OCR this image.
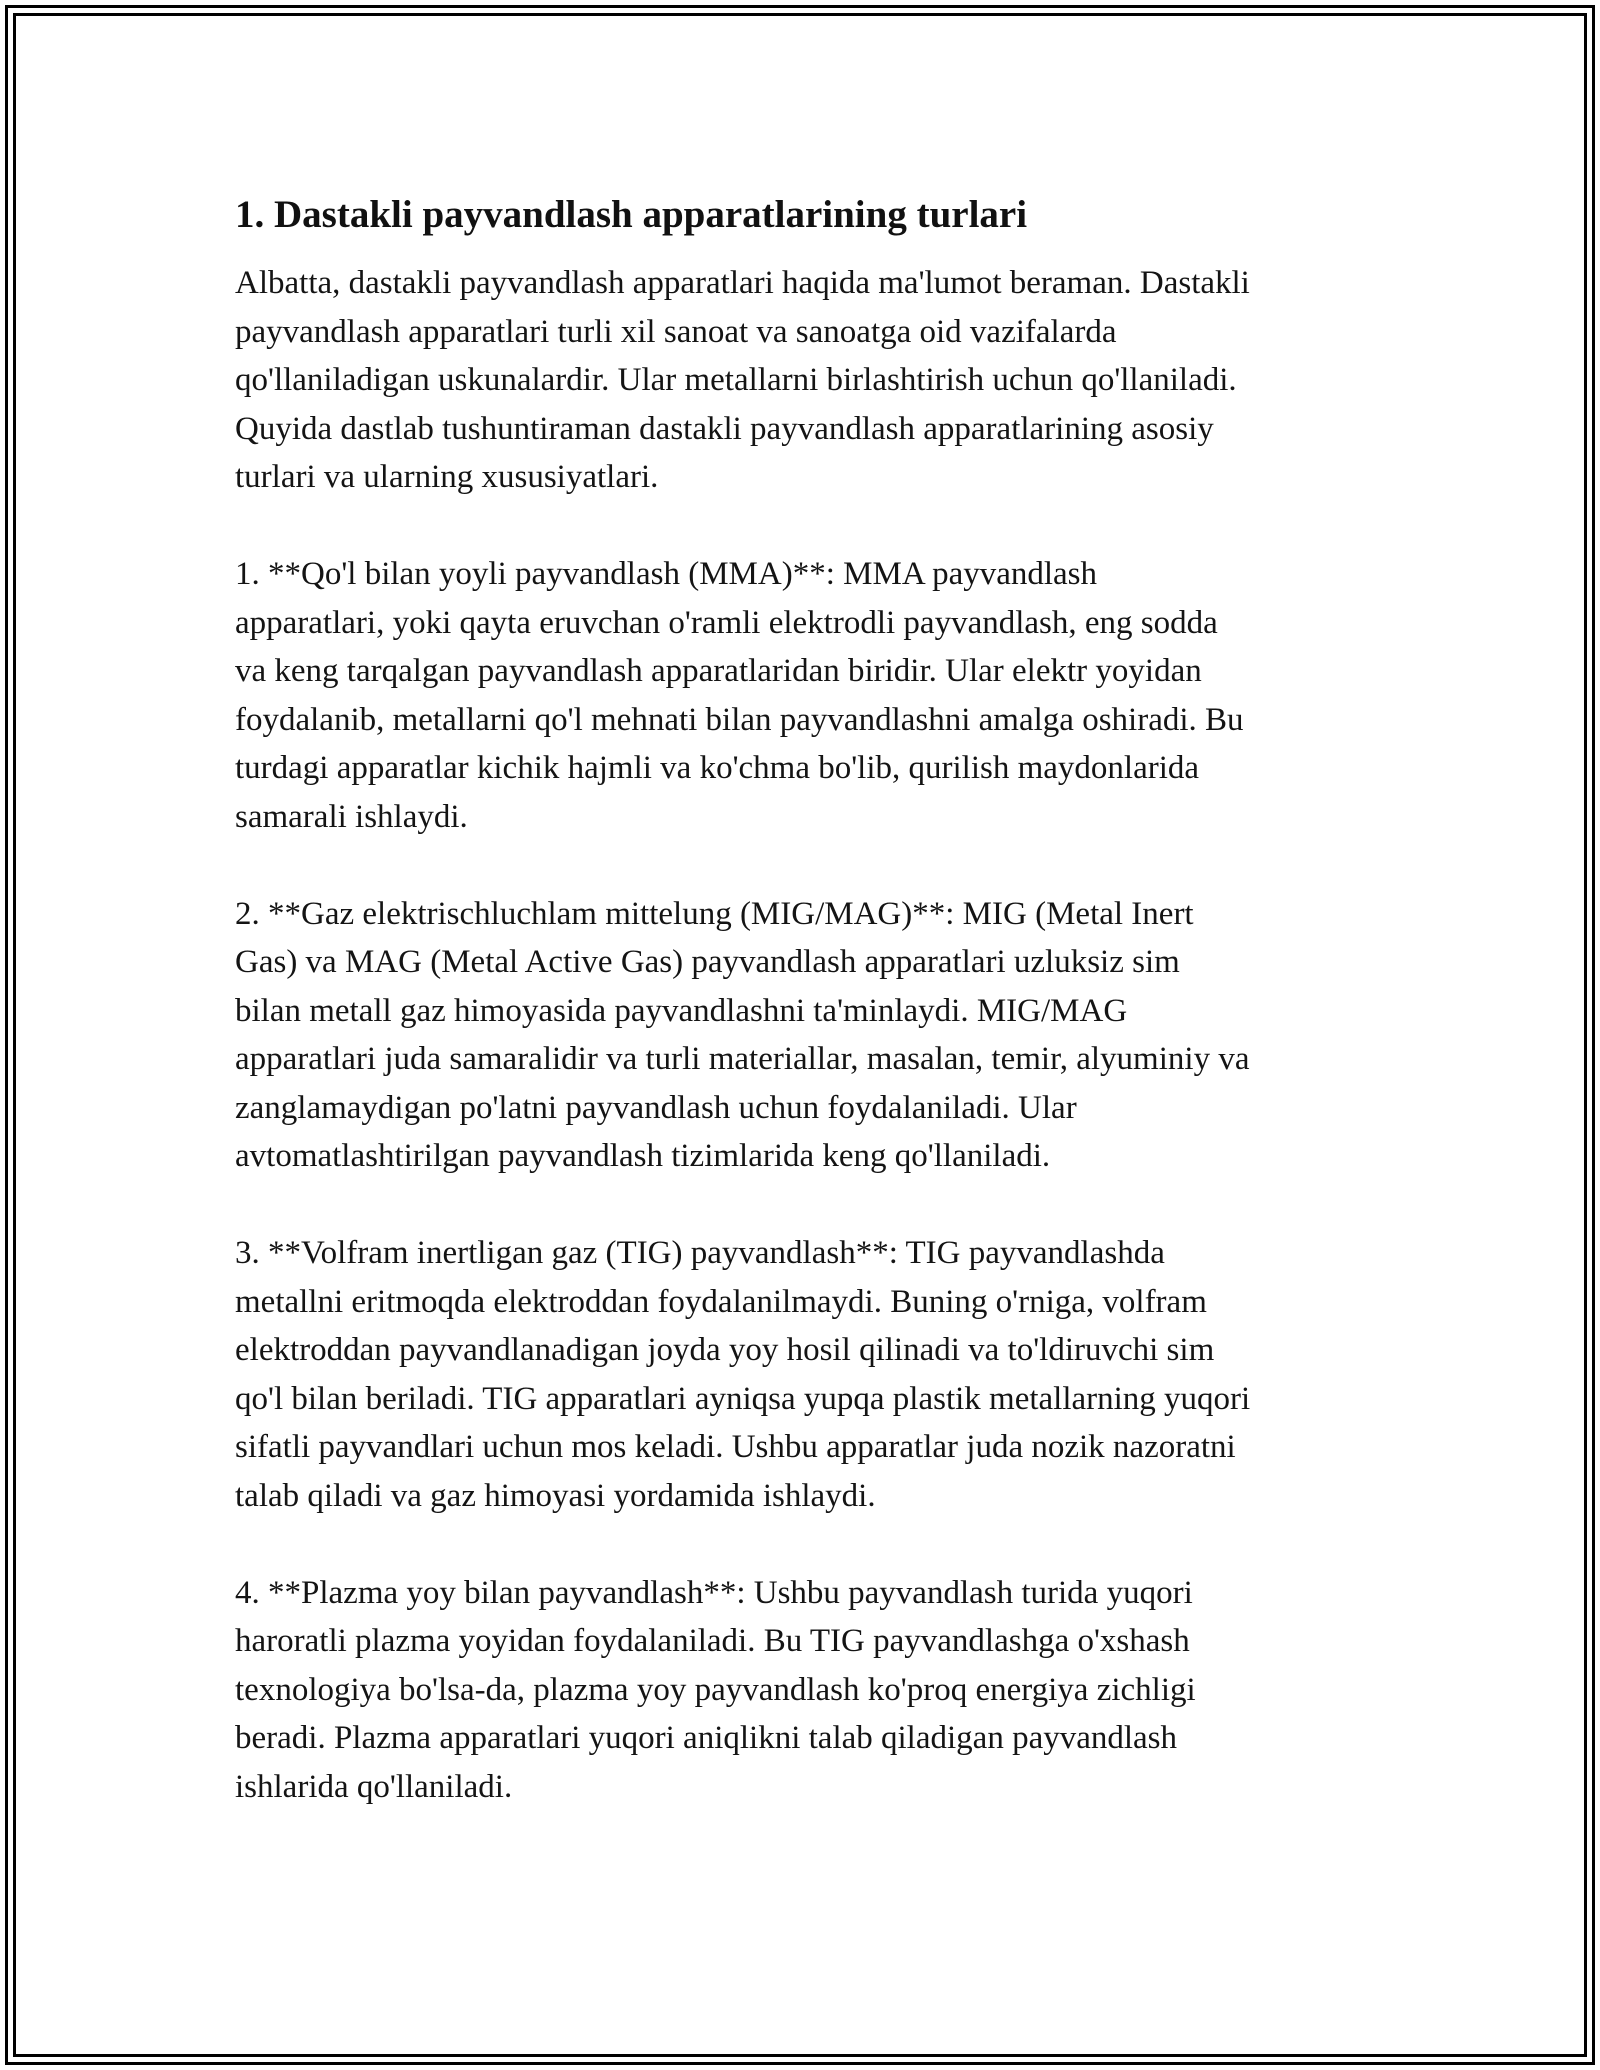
1. Dastakli payvandlash apparatlarining turlari

Albatta, dastakli payvandlash apparatlari haqida ma'lumot beraman. Dastakli
payvandlash apparatlari turli xil sanoat va sanoatga oid vazifalarda
qo'llaniladigan uskunalardir. Ular metallarni birlashtirish uchun qo'llaniladi.
Quyida dastlab tushuntiraman dastakli payvandlash apparatlarining asosiy
turlari va ularning xususiyatlari.

1. **Qo'l bilan yoyli payvandlash (MMA)**: MMA payvandlash
apparatlari, yoki qayta eruvchan o'ramli elektrodli payvandlash, eng sodda
va keng tarqalgan payvandlash apparatlaridan biridir. Ular elektr yoyidan
foydalanib, metallarni qo'l mehnati bilan payvandlashni amalga oshiradi. Bu
turdagi apparatlar kichik hajmli va ko'chma bo'lib, qurilish maydonlarida
samarali ishlaydi.

2. **Gaz elektrischluchlam mittelung (MIG/MAG)**: MIG (Metal Inert
Gas) va MAG (Metal Active Gas) payvandlash apparatlari uzluksiz sim
bilan metall gaz himoyasida payvandlashni ta'minlaydi. MIG/MAG
apparatlari juda samaralidir va turli materiallar, masalan, temir, alyuminiy va
zanglamaydigan po'latni payvandlash uchun foydalaniladi. Ular
avtomatlashtirilgan payvandlash tizimlarida keng qo'llaniladi.

3. **Volfram inertligan gaz (TIG) payvandlash**: TIG payvandlashda
metallni eritmoqda elektroddan foydalanilmaydi. Buning o'rniga, volfram
elektroddan payvandlanadigan joyda yoy hosil qilinadi va to'ldiruvchi sim
qo'l bilan beriladi. TIG apparatlari ayniqsa yupqa plastik metallarning yuqori
sifatli payvandlari uchun mos keladi. Ushbu apparatlar juda nozik nazoratni
talab qiladi va gaz himoyasi yordamida ishlaydi.

4. **Plazma yoy bilan payvandlash**: Ushbu payvandlash turida yuqori
haroratli plazma yoyidan foydalaniladi. Bu TIG payvandlashga o'xshash
texnologiya bo'lsa-da, plazma yoy payvandlash ko'proq energiya zichligi
beradi. Plazma apparatlari yuqori aniqlikni talab qiladigan payvandlash
ishlarida qo'llaniladi.
